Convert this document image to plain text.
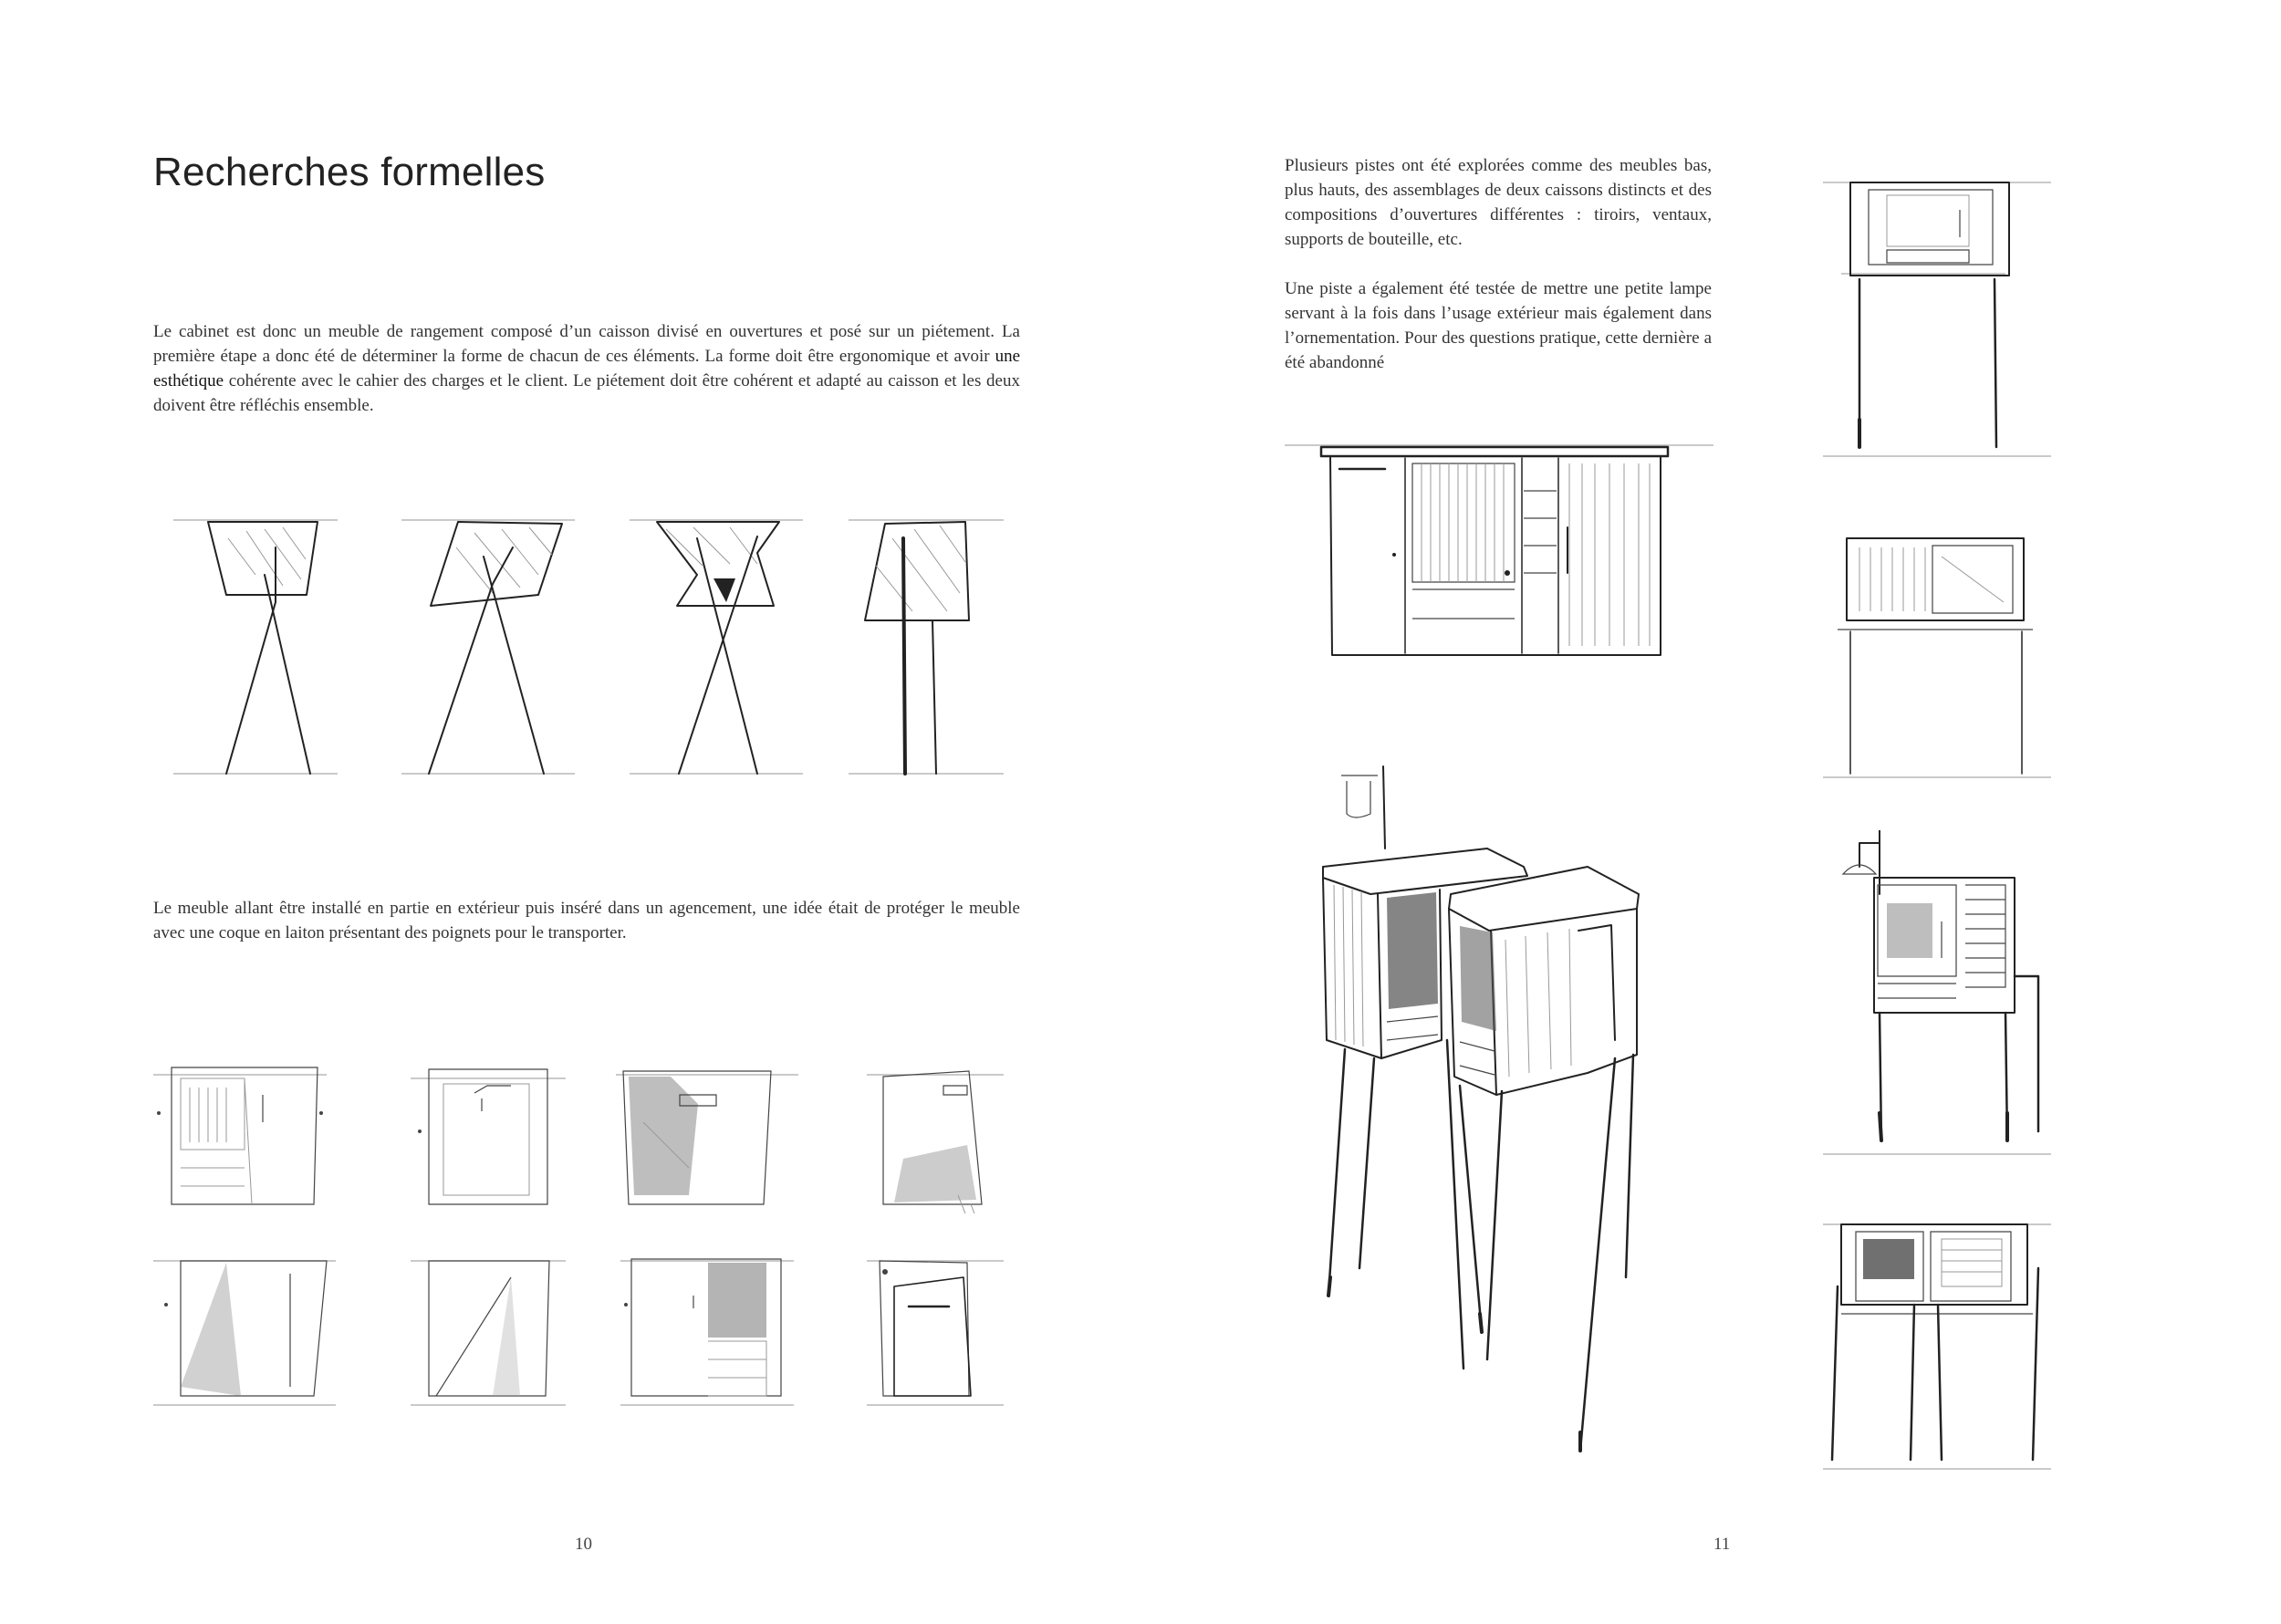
Recherches formelles

Le cabinet est donc un meuble de rangement composé d’un caisson divisé en ouvertures et posé sur un piétement. La première étape a donc été de déterminer la forme de chacun de ces éléments. La forme doit être ergonomique et avoir une esthétique cohérente avec le cahier des charges et le client. Le piétement doit être cohérent et adapté au caisson et les deux doivent être réfléchis ensemble.

Le meuble allant être installé en partie en extérieur puis inséré dans un agencement, une idée était de protéger le meuble avec une coque en laiton présentant des poignets pour le transporter.

10

Plusieurs pistes ont été explorées comme des meubles bas, plus hauts, des assemblages de deux caissons distincts et des compositions d’ouvertures différentes : tiroirs, ventaux, supports de bouteille, etc.

Une piste a également été testée de mettre une petite lampe servant à la fois dans l’usage extérieur mais également dans l’ornementation. Pour des questions pratique, cette dernière a été abandonné

11
